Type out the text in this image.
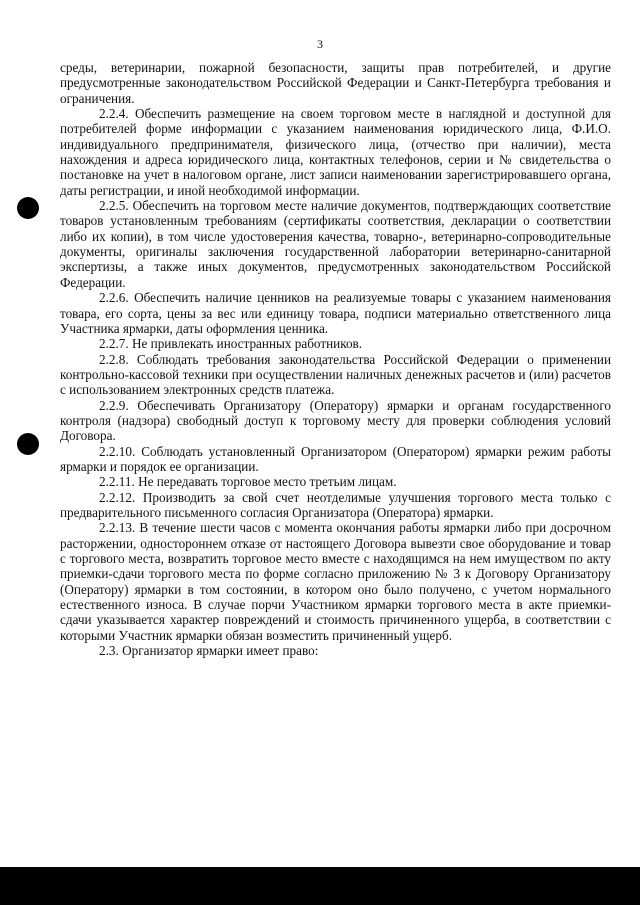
3

среды, ветеринарии, пожарной безопасности, защиты прав потребителей, и другие предусмотренные законодательством Российской Федерации и Санкт-Петербурга требования и ограничения.

2.2.4. Обеспечить размещение на своем торговом месте в наглядной и доступной для потребителей форме информации с указанием наименования юридического лица, Ф.И.О. индивидуального предпринимателя, физического лица, (отчество при наличии), места нахождения и адреса юридического лица, контактных телефонов, серии и № свидетельства о постановке на учет в налоговом органе, лист записи наименовании зарегистрировавшего органа, даты регистрации, и иной необходимой информации.

2.2.5. Обеспечить на торговом месте наличие документов, подтверждающих соответствие товаров установленным требованиям (сертификаты соответствия, декларации о соответствии либо их копии), в том числе удостоверения качества, товарно-, ветеринарно-сопроводительные документы, оригиналы заключения государственной лаборатории ветеринарно-санитарной экспертизы, а также иных документов, предусмотренных законодательством Российской Федерации.

2.2.6. Обеспечить наличие ценников на реализуемые товары с указанием наименования товара, его сорта, цены за вес или единицу товара, подписи материально ответственного лица Участника ярмарки, даты оформления ценника.

2.2.7. Не привлекать иностранных работников.

2.2.8. Соблюдать требования законодательства Российской Федерации о применении контрольно-кассовой техники при осуществлении наличных денежных расчетов и (или) расчетов с использованием электронных средств платежа.

2.2.9. Обеспечивать Организатору (Оператору) ярмарки и органам государственного контроля (надзора) свободный доступ к торговому месту для проверки соблюдения условий Договора.

2.2.10. Соблюдать установленный Организатором (Оператором) ярмарки режим работы ярмарки и порядок ее организации.

2.2.11. Не передавать торговое место третьим лицам.

2.2.12. Производить за свой счет неотделимые улучшения торгового места только с предварительного письменного согласия Организатора (Оператора) ярмарки.

2.2.13. В течение шести часов с момента окончания работы ярмарки либо при досрочном расторжении, одностороннем отказе от настоящего Договора вывезти свое оборудование и товар с торгового места, возвратить торговое место вместе с находящимся на нем имуществом по акту приемки-сдачи торгового места по форме согласно приложению № 3 к Договору Организатору (Оператору) ярмарки в том состоянии, в котором оно было получено, с учетом нормального естественного износа. В случае порчи Участником ярмарки торгового места в акте приемки-сдачи указывается характер повреждений и стоимость причиненного ущерба, в соответствии с которыми Участник ярмарки обязан возместить причиненный ущерб.

2.3. Организатор ярмарки имеет право:
